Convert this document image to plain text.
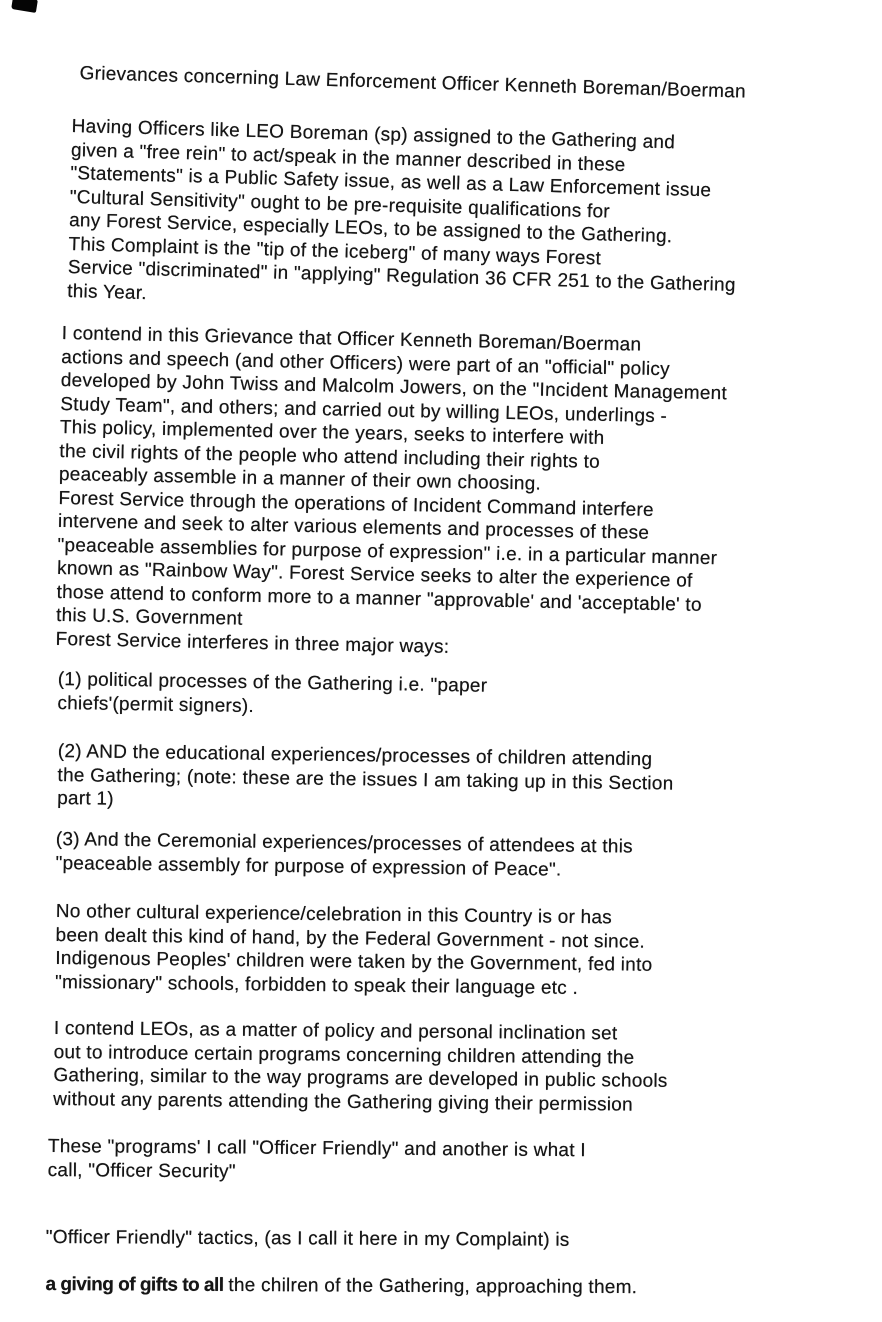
Grievances concerning Law Enforcement Officer Kenneth Boreman/Boerman
Having Officers like LEO Boreman (sp) assigned to the Gathering and
given a "free rein" to act/speak in the manner described in these
"Statements" is a Public Safety issue, as well as a Law Enforcement issue
"Cultural Sensitivity" ought to be pre-requisite qualifications for
any Forest Service, especially LEOs, to be assigned to the Gathering.
This Complaint is the "tip of the iceberg" of many ways Forest
Service "discriminated" in "applying" Regulation 36 CFR 251 to the Gathering
this Year.
I contend in this Grievance that Officer Kenneth Boreman/Boerman
actions and speech (and other Officers) were part of an "official" policy
developed by John Twiss and Malcolm Jowers, on the "Incident Management
Study Team", and others; and carried out by willing LEOs, underlings -
This policy, implemented over the years, seeks to interfere with
the civil rights of the people who attend including their rights to
peaceably assemble in a manner of their own choosing.
Forest Service through the operations of Incident Command interfere
intervene and seek to alter various elements and processes of these
"peaceable assemblies for purpose of expression" i.e. in a particular manner
known as "Rainbow Way". Forest Service seeks to alter the experience of
those attend to conform more to a manner "approvable' and 'acceptable' to
this U.S. Government
Forest Service interferes in three major ways:
(1) political processes of the Gathering i.e. "paper
chiefs'(permit signers).
(2) AND the educational experiences/processes of children attending
the Gathering; (note: these are the issues I am taking up in this Section
part 1)
(3) And the Ceremonial experiences/processes of attendees at this
"peaceable assembly for purpose of expression of Peace".
No other cultural experience/celebration in this Country is or has
been dealt this kind of hand, by the Federal Government - not since.
Indigenous Peoples' children were taken by the Government, fed into
"missionary" schools, forbidden to speak their language etc .
I contend LEOs, as a matter of policy and personal inclination set
out to introduce certain programs concerning children attending the
Gathering, similar to the way programs are developed in public schools
without any parents attending the Gathering giving their permission
These "programs' I call "Officer Friendly" and another is what I
call, "Officer Security"

"Officer Friendly" tactics, (as I call it here in my Complaint) is

a giving of gifts to all the chilren of the Gathering, approaching them.
